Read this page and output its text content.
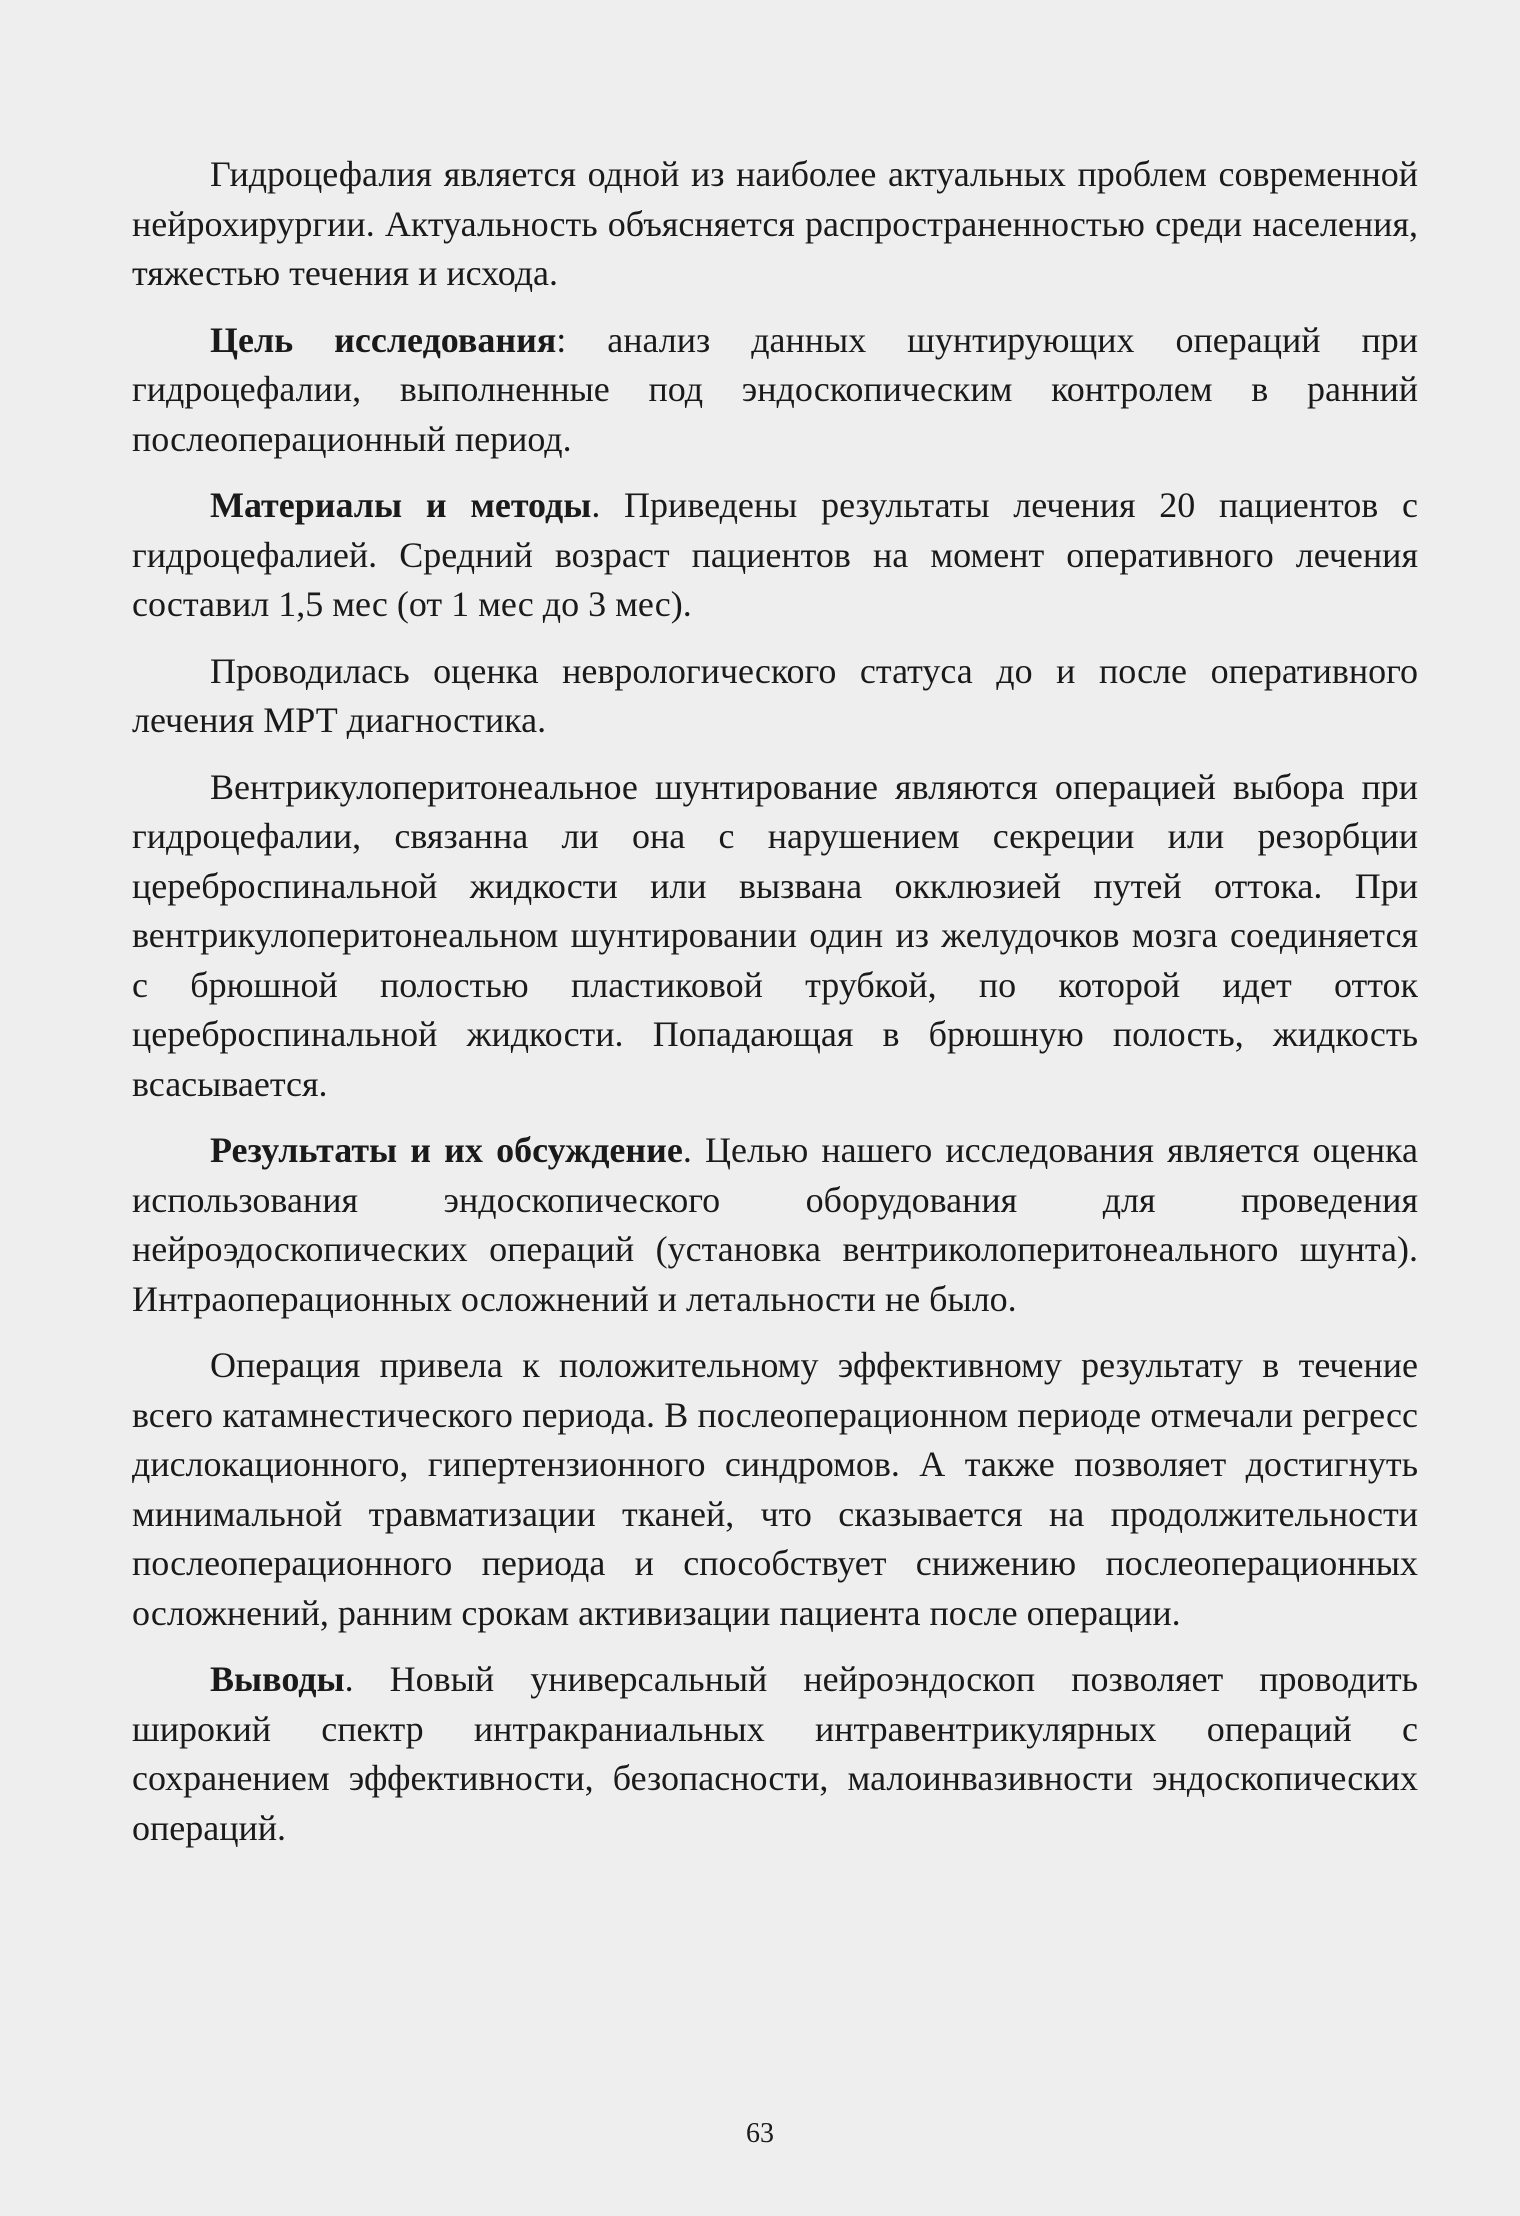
Гидроцефалия является одной из наиболее актуальных проблем современной нейрохирургии. Актуальность объясняется распространенностью среди населения, тяжестью течения и исхода.

Цель исследования: анализ данных шунтирующих операций при гидроцефалии, выполненные под эндоскопическим контролем в ранний послеоперационный период.

Материалы и методы. Приведены результаты лечения 20 пациентов с гидроцефалией. Средний возраст пациентов на момент оперативного лечения составил 1,5 мес (от 1 мес до 3 мес).

Проводилась оценка неврологического статуса до и после оперативного лечения МРТ диагностика.

Вентрикулоперитонеальное шунтирование являются операцией выбора при гидроцефалии, связанна ли она с нарушением секреции или резорбции цереброспинальной жидкости или вызвана окклюзией путей оттока. При вентрикулоперитонеальном шунтировании один из желудочков мозга соединяется с брюшной полостью пластиковой трубкой, по которой идет отток цереброспинальной жидкости. Попадающая в брюшную полость, жидкость всасывается.

Результаты и их обсуждение. Целью нашего исследования является оценка использования эндоскопического оборудования для проведения нейроэдоскопических операций (установка вентриколоперитонеального шунта). Интраоперационных осложнений и летальности не было.

Операция привела к положительному эффективному результату в течение всего катамнестического периода. В послеоперационном периоде отмечали регресс дислокационного, гипертензионного синдромов. А также позволяет достигнуть минимальной травматизации тканей, что сказывается на продолжительности послеоперационного периода и способствует снижению послеоперационных осложнений, ранним срокам активизации пациента после операции.

Выводы. Новый универсальный нейроэндоскоп позволяет проводить широкий спектр интракраниальных интравентрикулярных операций с сохранением эффективности, безопасности, малоинвазивности эндоскопических операций.

63
